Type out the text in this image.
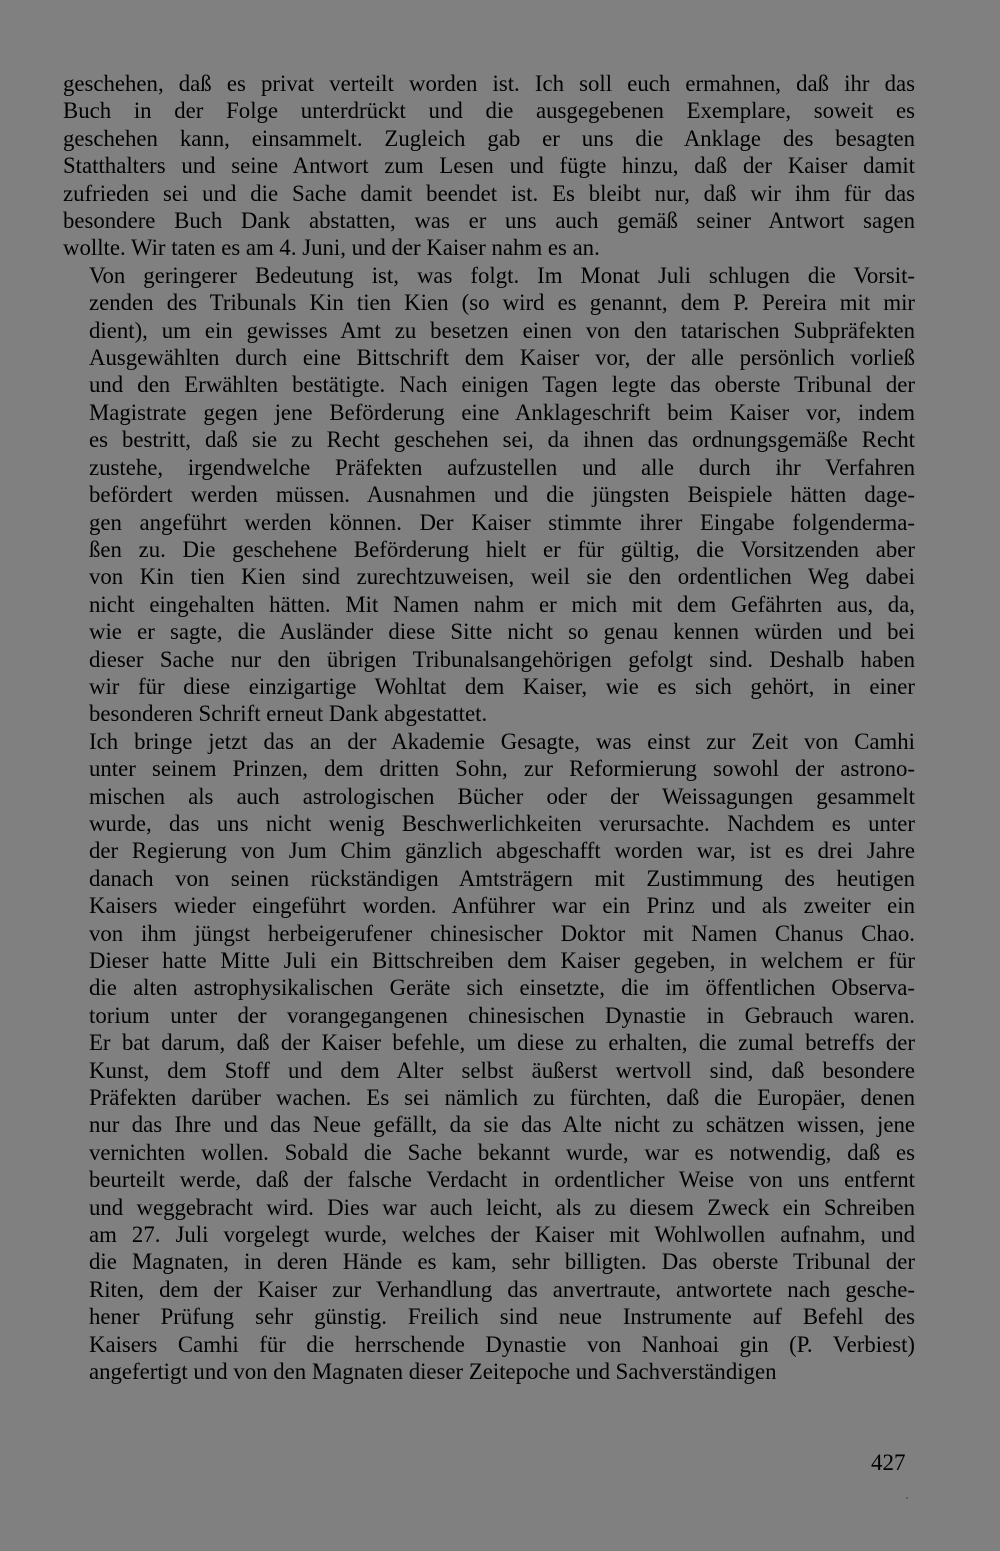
geschehen, daß es privat verteilt worden ist. Ich soll euch ermahnen, daß ihr das
Buch in der Folge unterdrückt und die ausgegebenen Exemplare, soweit es
geschehen kann, einsammelt. Zugleich gab er uns die Anklage des besagten
Statthalters und seine Antwort zum Lesen und fügte hinzu, daß der Kaiser damit
zufrieden sei und die Sache damit beendet ist. Es bleibt nur, daß wir ihm für das
besondere Buch Dank abstatten, was er uns auch gemäß seiner Antwort sagen
wollte. Wir taten es am 4. Juni, und der Kaiser nahm es an.

Von geringerer Bedeutung ist, was folgt. Im Monat Juli schlugen die Vorsit-
zenden des Tribunals Kin tien Kien (so wird es genannt, dem P. Pereira mit mir
dient), um ein gewisses Amt zu besetzen einen von den tatarischen Subpräfekten
Ausgewählten durch eine Bittschrift dem Kaiser vor, der alle persönlich vorließ
und den Erwählten bestätigte. Nach einigen Tagen legte das oberste Tribunal der
Magistrate gegen jene Beförderung eine Anklageschrift beim Kaiser vor, indem
es bestritt, daß sie zu Recht geschehen sei, da ihnen das ordnungsgemäße Recht
zustehe, irgendwelche Präfekten aufzustellen und alle durch ihr Verfahren
befördert werden müssen. Ausnahmen und die jüngsten Beispiele hätten dage-
gen angeführt werden können. Der Kaiser stimmte ihrer Eingabe folgenderma-
ßen zu. Die geschehene Beförderung hielt er für gültig, die Vorsitzenden aber
von Kin tien Kien sind zurechtzuweisen, weil sie den ordentlichen Weg dabei
nicht eingehalten hätten. Mit Namen nahm er mich mit dem Gefährten aus, da,
wie er sagte, die Ausländer diese Sitte nicht so genau kennen würden und bei
dieser Sache nur den übrigen Tribunalsangehörigen gefolgt sind. Deshalb haben
wir für diese einzigartige Wohltat dem Kaiser, wie es sich gehört, in einer
besonderen Schrift erneut Dank abgestattet.

Ich bringe jetzt das an der Akademie Gesagte, was einst zur Zeit von Camhi
unter seinem Prinzen, dem dritten Sohn, zur Reformierung sowohl der astrono-
mischen als auch astrologischen Bücher oder der Weissagungen gesammelt
wurde, das uns nicht wenig Beschwerlichkeiten verursachte. Nachdem es unter
der Regierung von Jum Chim gänzlich abgeschafft worden war, ist es drei Jahre
danach von seinen rückständigen Amtsträgern mit Zustimmung des heutigen
Kaisers wieder eingeführt worden. Anführer war ein Prinz und als zweiter ein
von ihm jüngst herbeigerufener chinesischer Doktor mit Namen Chanus Chao.
Dieser hatte Mitte Juli ein Bittschreiben dem Kaiser gegeben, in welchem er für
die alten astrophysikalischen Geräte sich einsetzte, die im öffentlichen Observa-
torium unter der vorangegangenen chinesischen Dynastie in Gebrauch waren.
Er bat darum, daß der Kaiser befehle, um diese zu erhalten, die zumal betreffs der
Kunst, dem Stoff und dem Alter selbst äußerst wertvoll sind, daß besondere
Präfekten darüber wachen. Es sei nämlich zu fürchten, daß die Europäer, denen
nur das Ihre und das Neue gefällt, da sie das Alte nicht zu schätzen wissen, jene
vernichten wollen. Sobald die Sache bekannt wurde, war es notwendig, daß es
beurteilt werde, daß der falsche Verdacht in ordentlicher Weise von uns entfernt
und weggebracht wird. Dies war auch leicht, als zu diesem Zweck ein Schreiben
am 27. Juli vorgelegt wurde, welches der Kaiser mit Wohlwollen aufnahm, und
die Magnaten, in deren Hände es kam, sehr billigten. Das oberste Tribunal der
Riten, dem der Kaiser zur Verhandlung das anvertraute, antwortete nach gesche-
hener Prüfung sehr günstig. Freilich sind neue Instrumente auf Befehl des
Kaisers Camhi für die herrschende Dynastie von Nanhoai gin (P. Verbiest)
angefertigt und von den Magnaten dieser Zeitepoche und Sachverständigen

427
